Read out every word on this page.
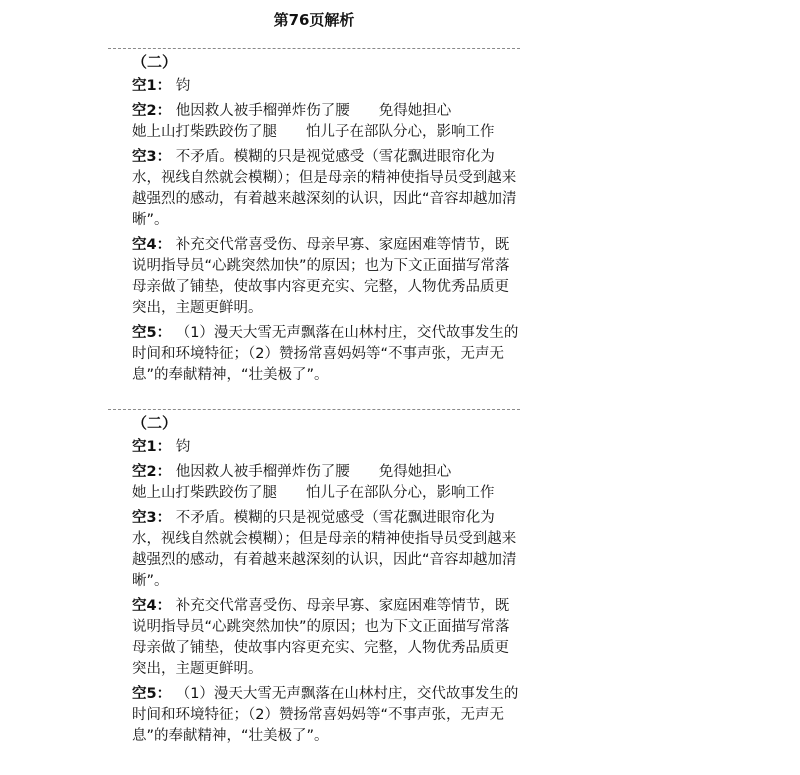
第76页解析
（二）
空1： 钧
空2： 他因救人被手榴弹炸伤了腰　　免得她担心
她上山打柴跌跤伤了腿　　怕儿子在部队分心，影响工作
空3： 不矛盾。模糊的只是视觉感受（雪花飘进眼帘化为水，视线自然就会模糊）；但是母亲的精神使指导员受到越来越强烈的感动，有着越来越深刻的认识，因此“音容却越加清晰”。
空4： 补充交代常喜受伤、母亲早寡、家庭困难等情节，既说明指导员“心跳突然加快”的原因；也为下文正面描写常落母亲做了铺垫，使故事内容更充实、完整，人物优秀品质更突出，主题更鲜明。
空5： （1）漫天大雪无声飘落在山林村庄，交代故事发生的时间和环境特征；（2）赞扬常喜妈妈等“不事声张，无声无息”的奉献精神，“壮美极了”。
（二）
空1： 钧
空2： 他因救人被手榴弹炸伤了腰　　免得她担心
她上山打柴跌跤伤了腿　　怕儿子在部队分心，影响工作
空3： 不矛盾。模糊的只是视觉感受（雪花飘进眼帘化为水，视线自然就会模糊）；但是母亲的精神使指导员受到越来越强烈的感动，有着越来越深刻的认识，因此“音容却越加清晰”。
空4： 补充交代常喜受伤、母亲早寡、家庭困难等情节，既说明指导员“心跳突然加快”的原因；也为下文正面描写常落母亲做了铺垫，使故事内容更充实、完整，人物优秀品质更突出，主题更鲜明。
空5： （1）漫天大雪无声飘落在山林村庄，交代故事发生的时间和环境特征；（2）赞扬常喜妈妈等“不事声张，无声无息”的奉献精神，“壮美极了”。
